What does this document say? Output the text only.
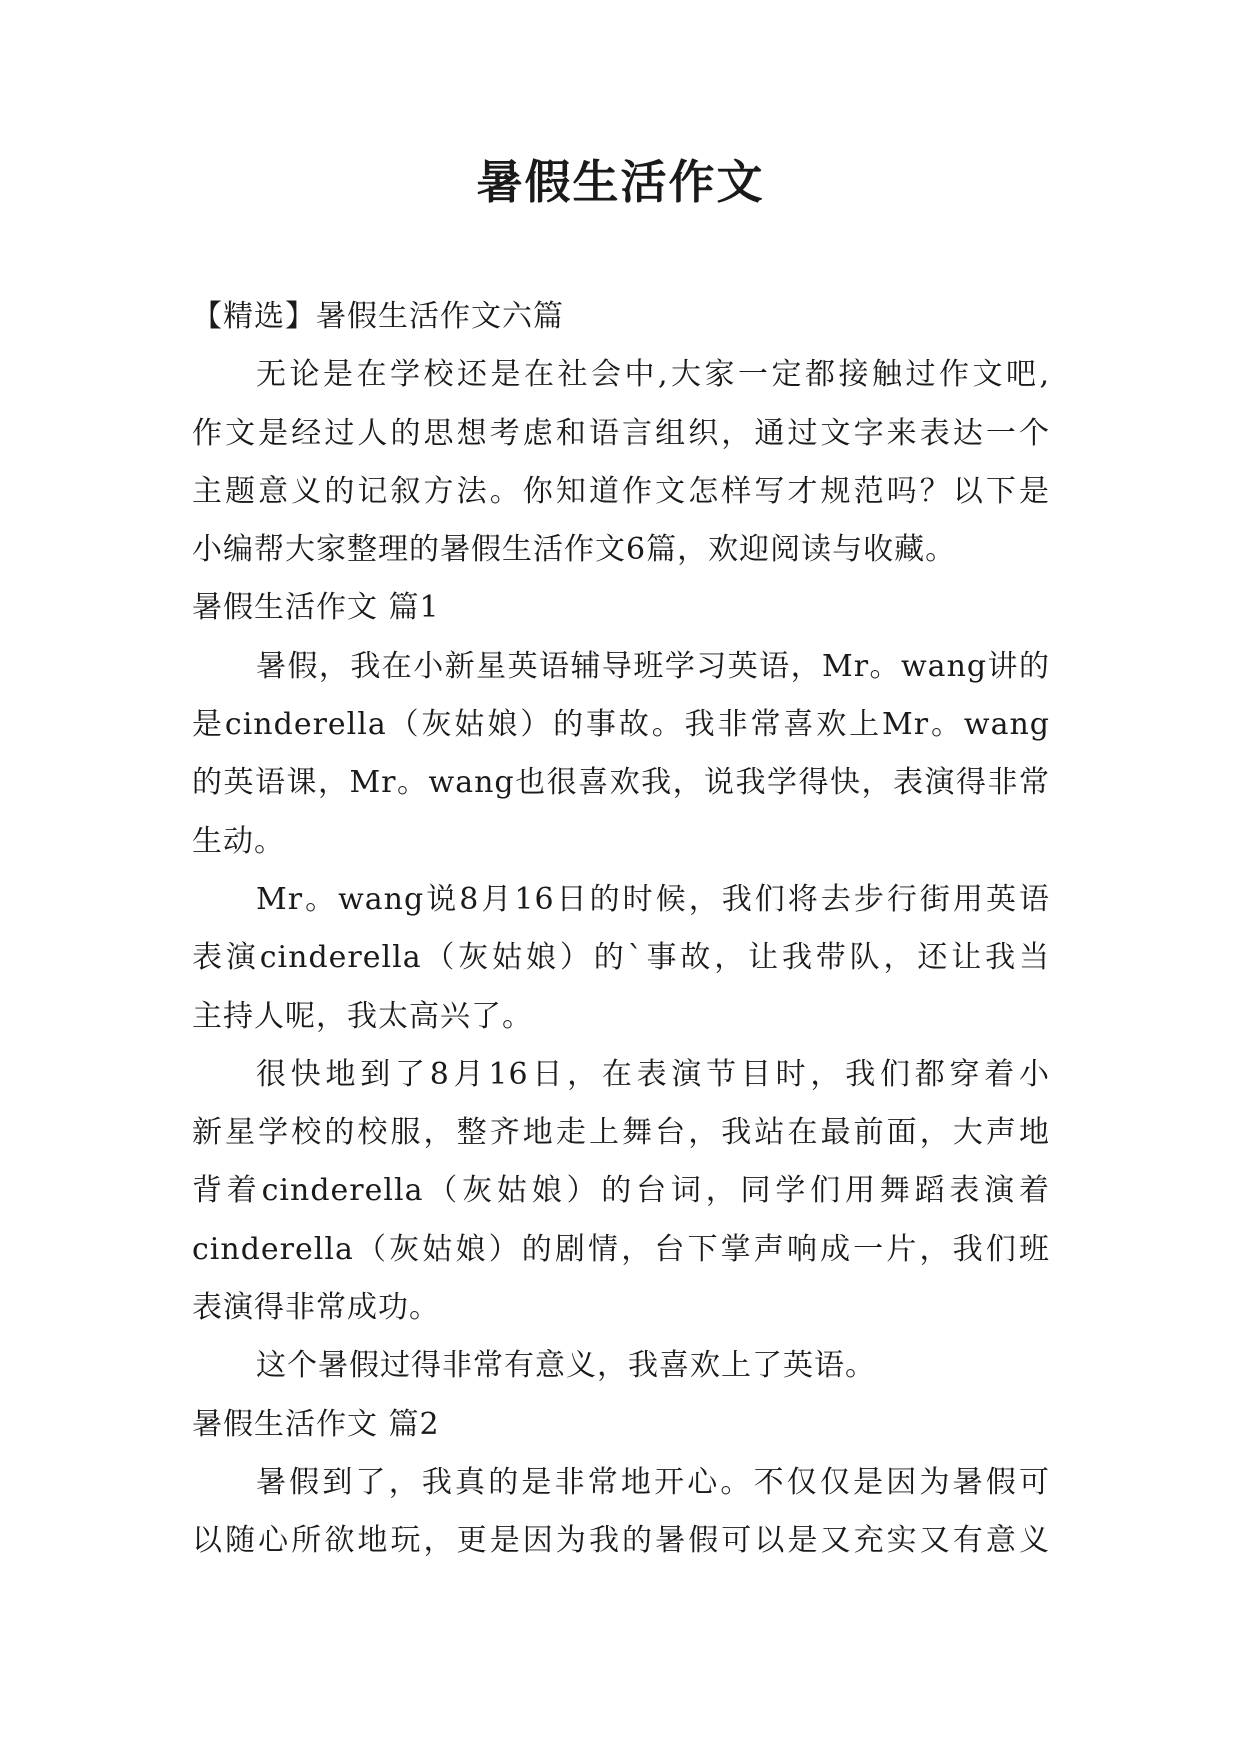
暑假生活作文
【精选】暑假生活作文六篇
无论是在学校还是在社会中,大家一定都接触过作文吧,
作文是经过人的思想考虑和语言组织，通过文字来表达一个
主题意义的记叙方法。你知道作文怎样写才规范吗？以下是
小编帮大家整理的暑假生活作文6篇，欢迎阅读与收藏。
暑假生活作文 篇1
暑假，我在小新星英语辅导班学习英语，Mr。wang讲的
是cinderella（灰姑娘）的事故。我非常喜欢上Mr。wang
的英语课，Mr。wang也很喜欢我，说我学得快，表演得非常
生动。
Mr。wang说8月16日的时候，我们将去步行街用英语
表演cinderella（灰姑娘）的`事故，让我带队，还让我当
主持人呢，我太高兴了。
很快地到了8月16日，在表演节目时，我们都穿着小
新星学校的校服，整齐地走上舞台，我站在最前面，大声地
背着cinderella（灰姑娘）的台词，同学们用舞蹈表演着
cinderella（灰姑娘）的剧情，台下掌声响成一片，我们班
表演得非常成功。
这个暑假过得非常有意义，我喜欢上了英语。
暑假生活作文 篇2
暑假到了，我真的是非常地开心。不仅仅是因为暑假可
以随心所欲地玩，更是因为我的暑假可以是又充实又有意义
